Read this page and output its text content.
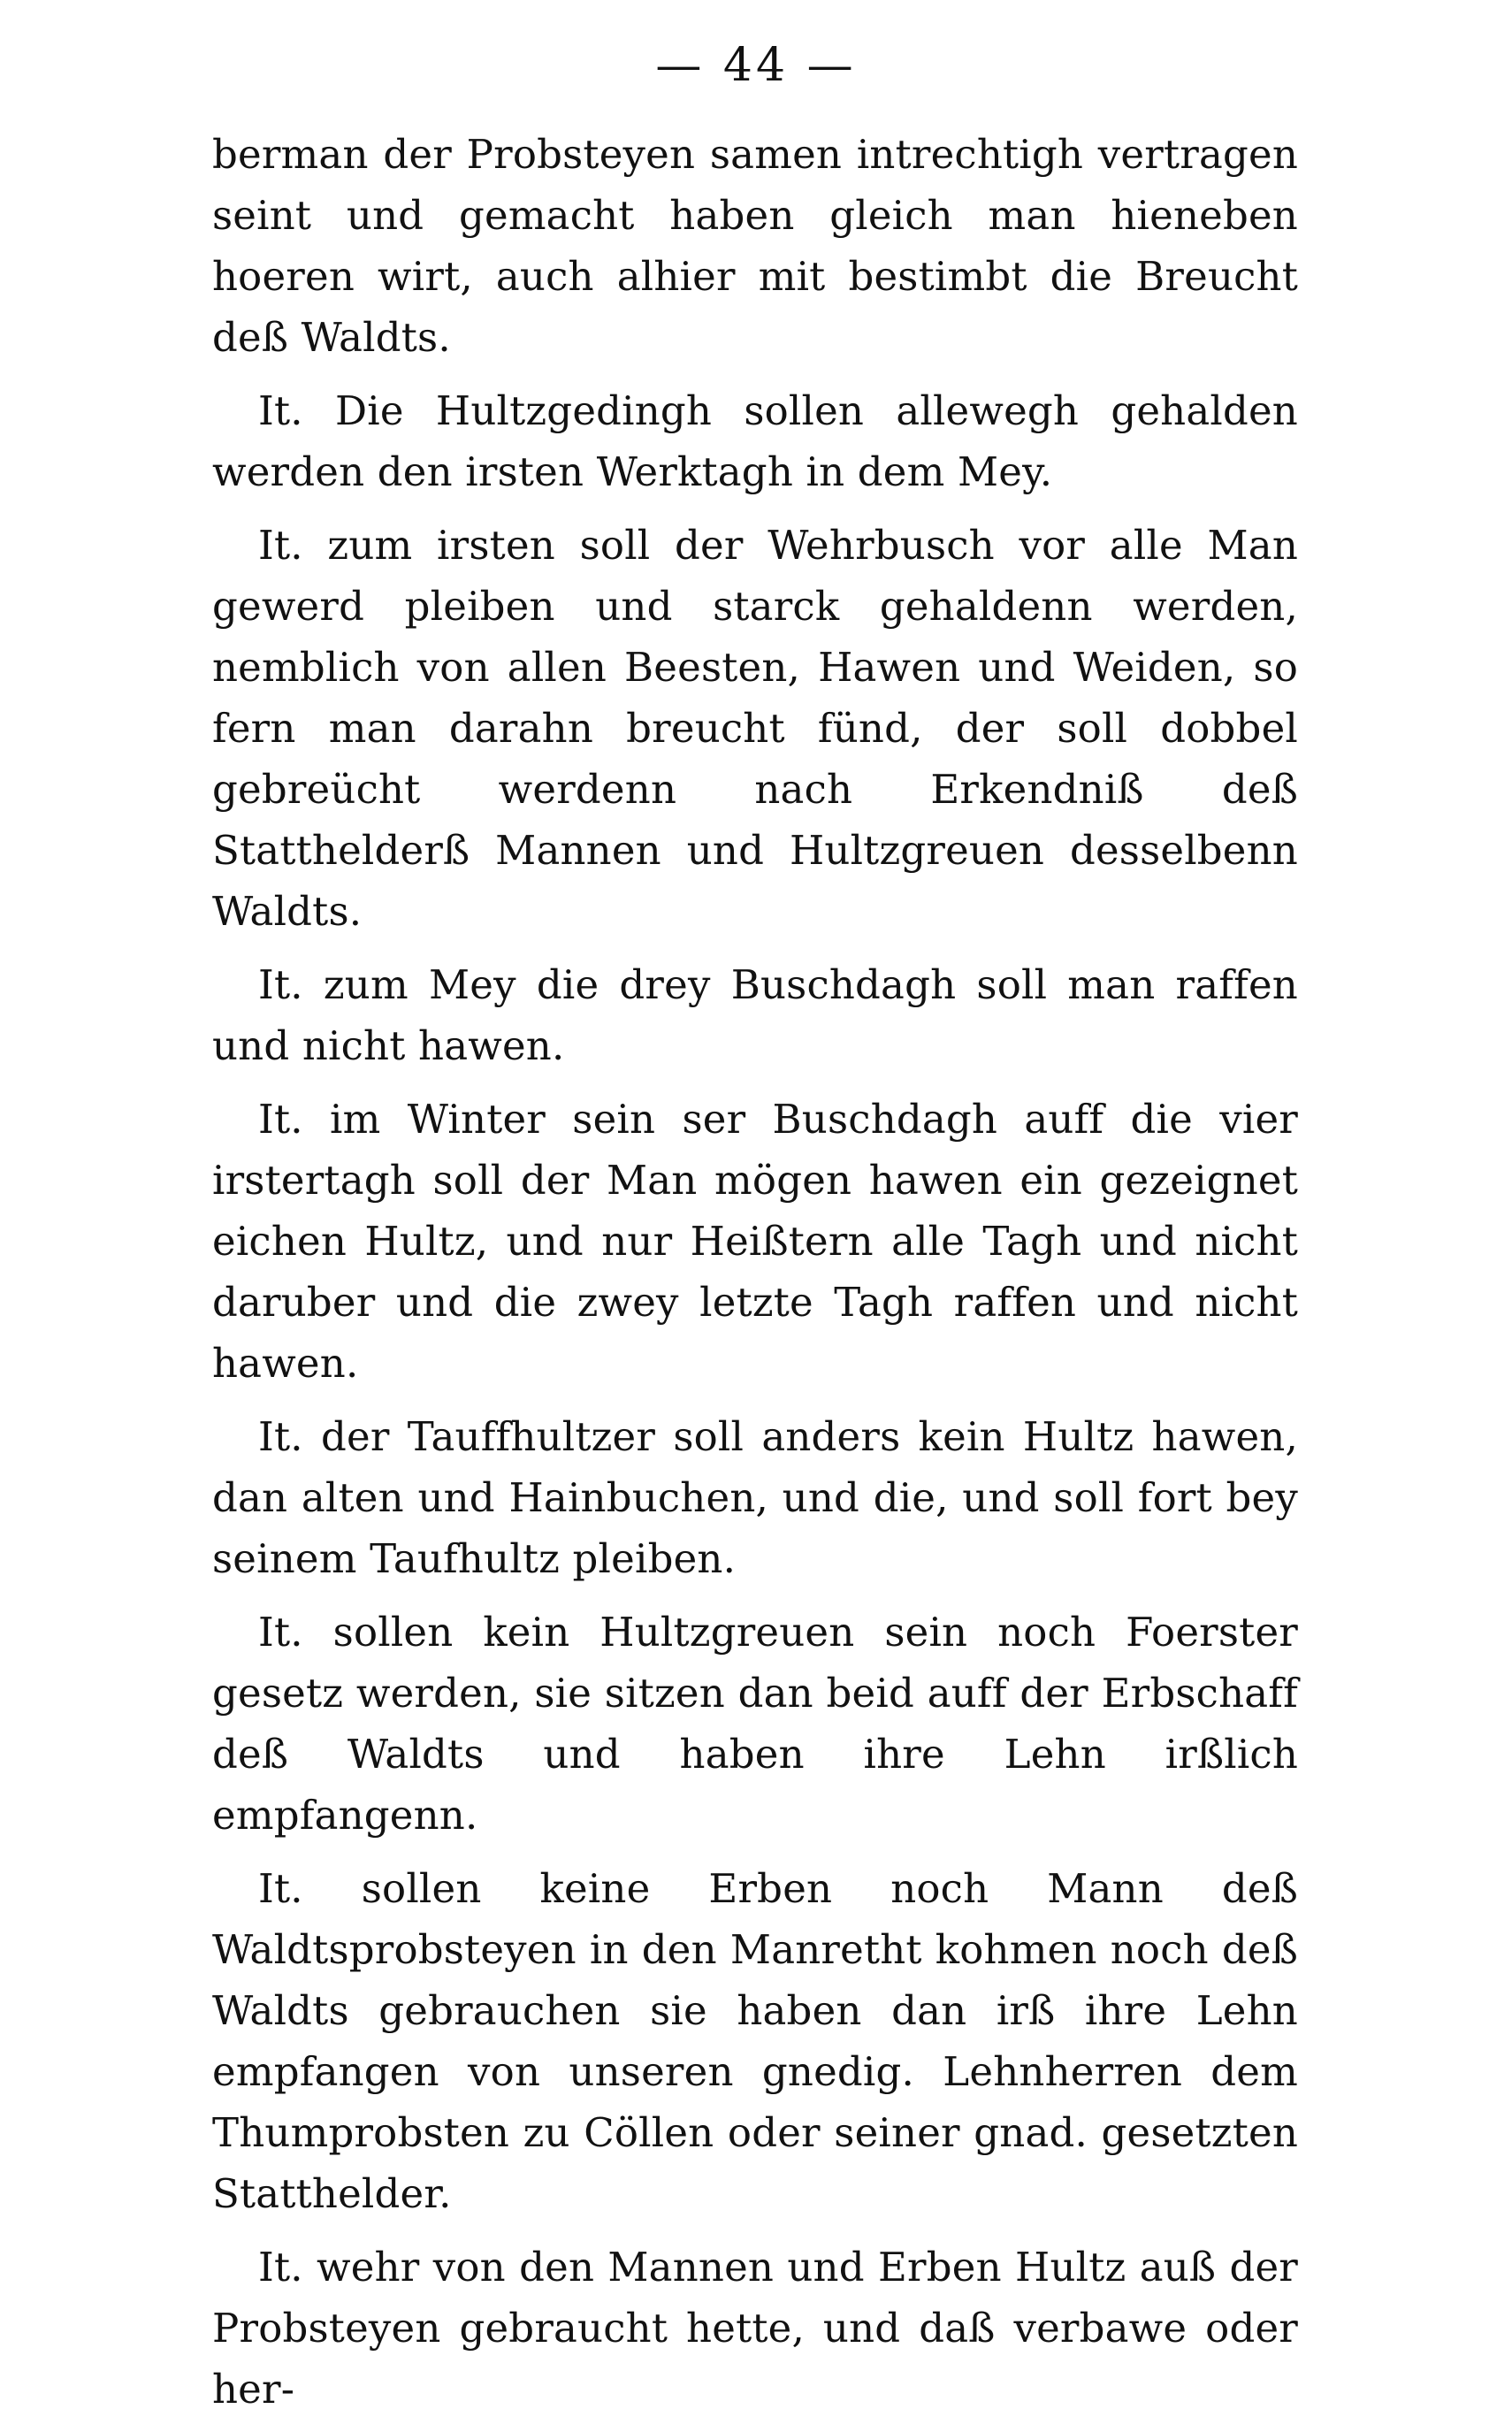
— 44 —

berman der Probsteyen samen intrechtigh vertragen seint und gemacht haben gleich man hieneben hoeren wirt, auch alhier mit bestimbt die Breucht deß Waldts.

It. Die Hultzgedingh sollen allewegh gehalden werden den irsten Werktagh in dem Mey.

It. zum irsten soll der Wehrbusch vor alle Man gewerd pleiben und starck gehaldenn werden, nemblich von allen Beesten, Hawen und Weiden, so fern man darahn breucht fünd, der soll dobbel gebreücht werdenn nach Erkendniß deß Statthelderß Mannen und Hultzgreuen desselbenn Waldts.

It. zum Mey die drey Buschdagh soll man raffen und nicht hawen.

It. im Winter sein ser Buschdagh auff die vier irstertagh soll der Man mögen hawen ein gezeignet eichen Hultz, und nur Heißtern alle Tagh und nicht daruber und die zwey letzte Tagh raffen und nicht hawen.

It. der Tauffhultzer soll anders kein Hultz hawen, dan alten und Hainbuchen, und die, und soll fort bey seinem Taufhultz pleiben.

It. sollen kein Hultzgreuen sein noch Foerster gesetz werden, sie sitzen dan beid auff der Erbschaff deß Waldts und haben ihre Lehn irßlich empfangenn.

It. sollen keine Erben noch Mann deß Waldtsprobsteyen in den Manretht kohmen noch deß Waldts gebrauchen sie haben dan irß ihre Lehn empfangen von unseren gnedig. Lehnherren dem Thumprobsten zu Cöllen oder seiner gnad. gesetzten Statthelder.

It. wehr von den Mannen und Erben Hultz auß der Probsteyen gebraucht hette, und daß verbawe oder her-
